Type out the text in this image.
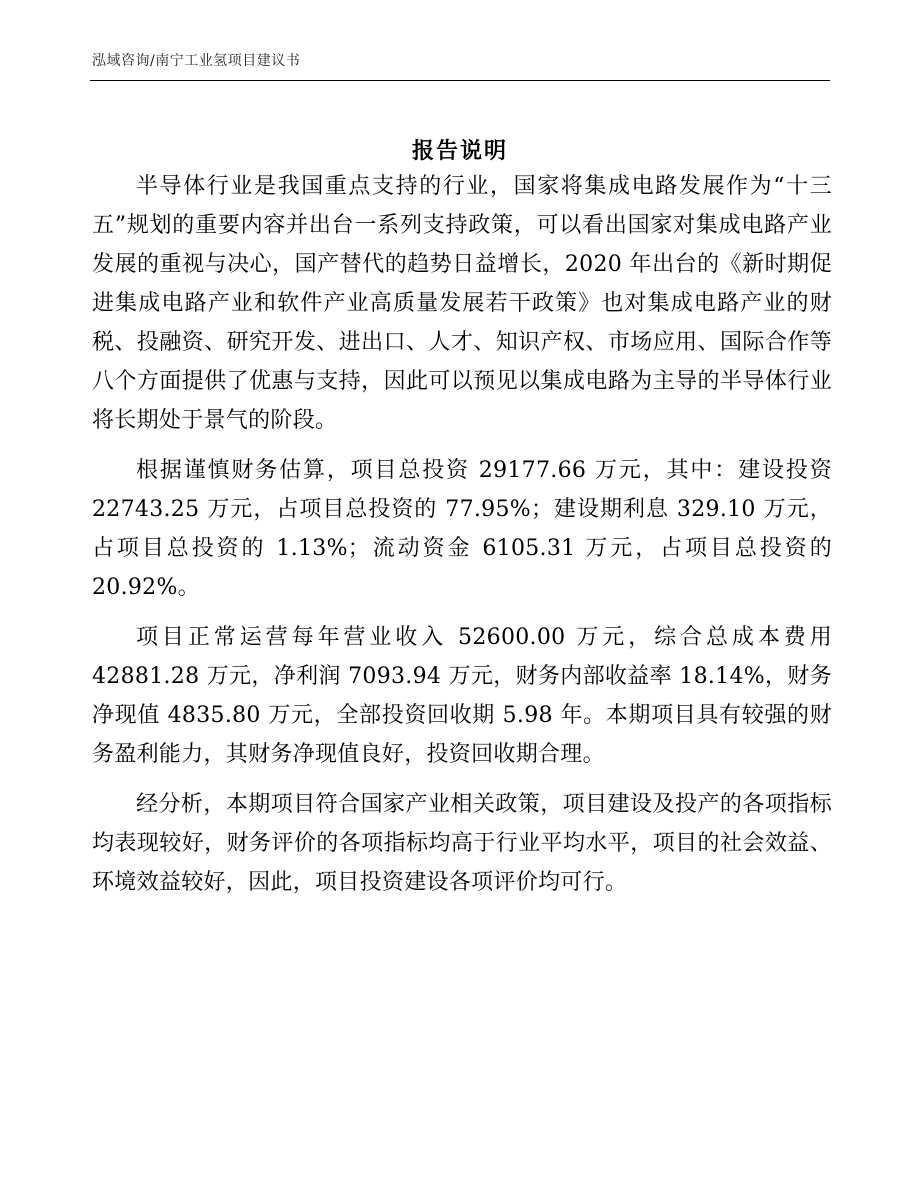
泓域咨询/南宁工业氢项目建议书
报告说明

半导体行业是我国重点支持的行业，国家将集成电路发展作为“十三五”规划的重要内容并出台一系列支持政策，可以看出国家对集成电路产业发展的重视与决心，国产替代的趋势日益增长，2020 年出台的《新时期促进集成电路产业和软件产业高质量发展若干政策》也对集成电路产业的财税、投融资、研究开发、进出口、人才、知识产权、市场应用、国际合作等八个方面提供了优惠与支持，因此可以预见以集成电路为主导的半导体行业将长期处于景气的阶段。

根据谨慎财务估算，项目总投资 29177.66 万元，其中：建设投资22743.25 万元，占项目总投资的 77.95%；建设期利息 329.10 万元，占项目总投资的 1.13%；流动资金 6105.31 万元，占项目总投资的20.92%。

项目正常运营每年营业收入 52600.00 万元，综合总成本费用42881.28 万元，净利润 7093.94 万元，财务内部收益率 18.14%，财务净现值 4835.80 万元，全部投资回收期 5.98 年。本期项目具有较强的财务盈利能力，其财务净现值良好，投资回收期合理。

经分析，本期项目符合国家产业相关政策，项目建设及投产的各项指标均表现较好，财务评价的各项指标均高于行业平均水平，项目的社会效益、环境效益较好，因此，项目投资建设各项评价均可行。
